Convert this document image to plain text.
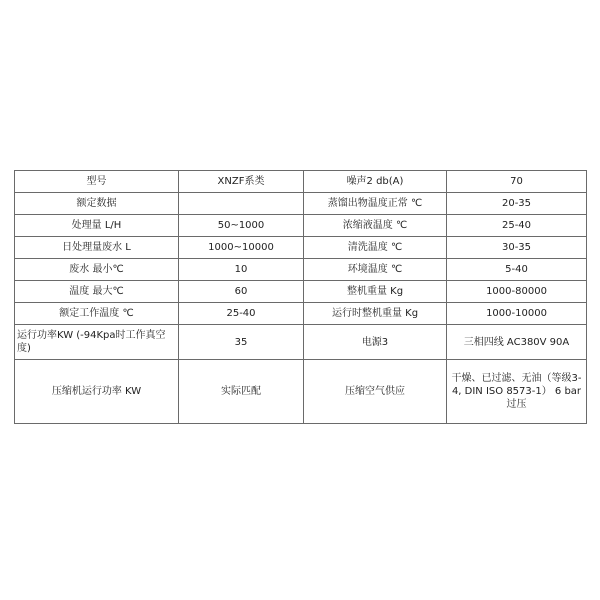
型号	XNZF系类	噪声2 db(A)	70
额定数据		蒸馏出物温度正常 ℃	20-35
处理量 L/H	50~1000	浓缩液温度 ℃	25-40
日处理量废水 L	1000~10000	清洗温度 ℃	30-35
废水 最小℃	10	环境温度 ℃	5-40
温度 最大℃	60	整机重量 Kg	1000-80000
额定工作温度 ℃	25-40	运行时整机重量 Kg	1000-10000
运行功率KW (-94Kpa时工作真空度)	35	电源3	三相四线 AC380V 90A
压缩机运行功率 KW	实际匹配	压缩空气供应	干燥、已过滤、无油（等级3-4, DIN ISO 8573-1） 6 bar过压
